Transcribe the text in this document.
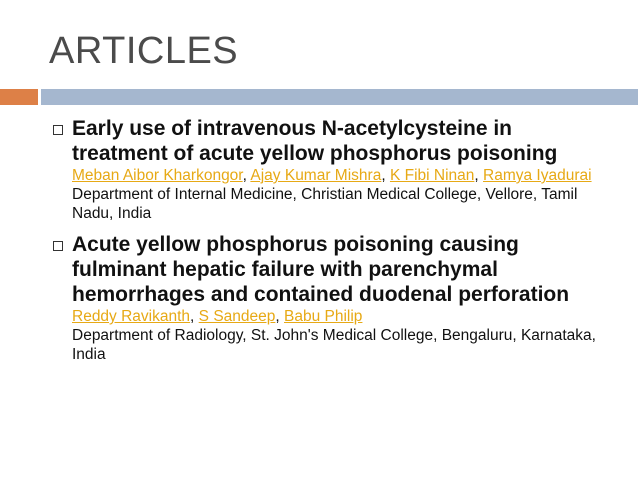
ARTICLES
Early use of intravenous N-acetylcysteine in treatment of acute yellow phosphorus poisoning
Meban Aibor Kharkongor, Ajay Kumar Mishra, K Fibi Ninan, Ramya Iyadurai
Department of Internal Medicine, Christian Medical College, Vellore, Tamil Nadu, India
Acute yellow phosphorus poisoning causing fulminant hepatic failure with parenchymal hemorrhages and contained duodenal perforation
Reddy Ravikanth, S Sandeep, Babu Philip
Department of Radiology, St. John's Medical College, Bengaluru, Karnataka, India
